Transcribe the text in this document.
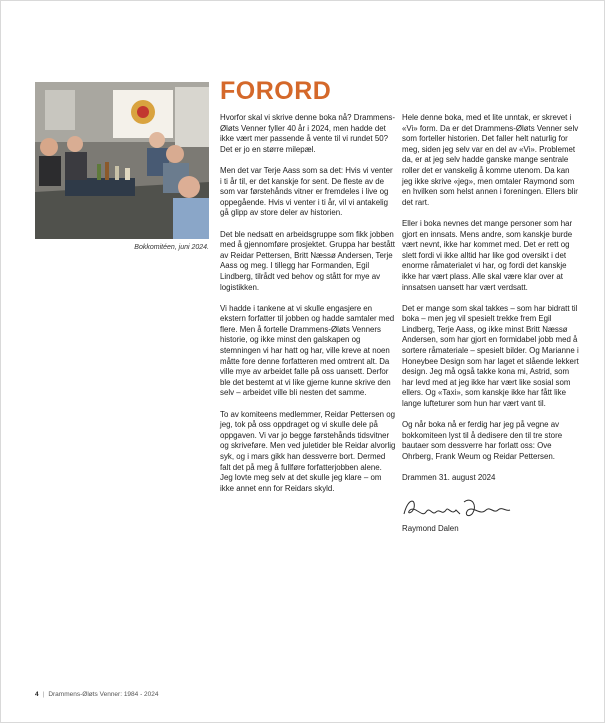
Bokkomitéen, juni 2024.
FORORD

Hvorfor skal vi skrive denne boka nå? Drammens-Øløts Venner fyller 40 år i 2024, men hadde det ikke vært mer passende å vente til vi rundet 50? Det er jo en større milepæl.

Men det var Terje Aass som sa det: Hvis vi venter i ti år til, er det kanskje for sent. De fleste av de som var førstehånds vitner er fremdeles i live og oppegående. Hvis vi venter i ti år, vil vi antakelig gå glipp av store deler av historien.

Det ble nedsatt en arbeidsgruppe som fikk jobben med å gjennomføre prosjektet. Gruppa har bestått av Reidar Pettersen, Britt Næssø Andersen, Terje Aass og meg. I tillegg har Formanden, Egil Lindberg, tilrådt ved behov og stått for mye av logistikken.

Vi hadde i tankene at vi skulle engasjere en ekstern forfatter til jobben og hadde samtaler med flere. Men å fortelle Drammens-Øløts Venners historie, og ikke minst den galskapen og stemningen vi har hatt og har, ville kreve at noen måtte fore denne forfatteren med omtrent alt. Da ville mye av arbeidet falle på oss uansett. Derfor ble det bestemt at vi like gjerne kunne skrive den selv – arbeidet ville bli nesten det samme.

To av komiteens medlemmer, Reidar Pettersen og jeg, tok på oss oppdraget og vi skulle dele på oppgaven. Vi var jo begge førstehånds tidsvitner og skriveføre. Men ved juletider ble Reidar alvorlig syk, og i mars gikk han dessverre bort. Dermed falt det på meg å fullføre forfatterjobben alene. Jeg lovte meg selv at det skulle jeg klare – om ikke annet enn for Reidars skyld.

Hele denne boka, med et lite unntak, er skrevet i «Vi» form. Da er det Drammens-Øløts Venner selv som forteller historien. Det faller helt naturlig for meg, siden jeg selv var en del av «Vi». Problemet da, er at jeg selv hadde ganske mange sentrale roller det er vanskelig å komme utenom. Da kan jeg ikke skrive «jeg», men omtaler Raymond som en hvilken som helst annen i foreningen. Ellers blir det rart.

Eller i boka nevnes det mange personer som har gjort en innsats. Mens andre, som kanskje burde vært nevnt, ikke har kommet med. Det er rett og slett fordi vi ikke alltid har like god oversikt i det enorme råmaterialet vi har, og fordi det kanskje ikke har vært plass. Alle skal være klar over at innsatsen uansett har vært verdsatt.

Det er mange som skal takkes – som har bidratt til boka – men jeg vil spesielt trekke frem Egil Lindberg, Terje Aass, og ikke minst Britt Næssø Andersen, som har gjort en formidabel jobb med å sortere råmateriale – spesielt bilder. Og Marianne i Honeybee Design som har laget et slående lekkert design. Jeg må også takke kona mi, Astrid, som har levd med at jeg ikke har vært like sosial som ellers. Og «Taxi», som kanskje ikke har fått like lange lufteturer som hun har vært vant til.

Og når boka nå er ferdig har jeg på vegne av bokkomiteen lyst til å dedisere den til tre store bautaer som dessverre har forlatt oss: Ove Ohrberg, Frank Weum og Reidar Pettersen.

Drammen 31. august 2024
Raymond Dalen
4 | Drammens-Øløts Venner: 1984 - 2024
